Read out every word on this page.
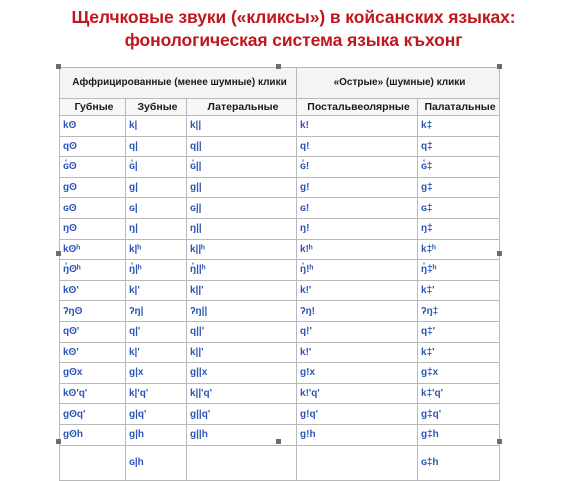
Щелчковые звуки («кликсы») в койсанских языках:
фонологическая система языка къхонг
Аффрицированные (менее шумные) клики			«Острые» (шумные) клики	
Губные	Зубные	Латеральные	Постальвеолярные	Палатальные
kʘ	k|	k||	k!	k‡
qʘ	q|	q||	q!	q‡
ɢ̊ʘ	ɢ̊|	ɢ̊||	ɢ̊!	ɢ̊‡
gʘ	g|	g||	g!	g‡
ɢʘ	ɢ|	ɢ||	ɢ!	ɢ‡
ŋʘ	ŋ|	ŋ||	ŋ!	ŋ‡
kʘʰ	k|ʰ	k||ʰ	k!ʰ	k‡ʰ
ŋ̊ʘʰ	ŋ̊|ʰ	ŋ̊||ʰ	ŋ̊!ʰ	ŋ̊‡ʰ
kʘ'	k|'	k||'	k!'	k‡'
ʔŋʘ	ʔŋ|	ʔŋ||	ʔŋ!	ʔŋ‡
qʘ'	q|'	q||'	q!'	q‡'
kʘ'	k|'	k||'	k!'	k‡'
gʘx	g|x	g||x	g!x	g‡x
kʘ'q'	k|'q'	k||'q'	k!'q'	k‡'q'
gʘq'	g|q'	g||q'	g!q'	g‡q'
gʘh	g|h	g||h	g!h	g‡h
	ɢ|h			ɢ‡h
